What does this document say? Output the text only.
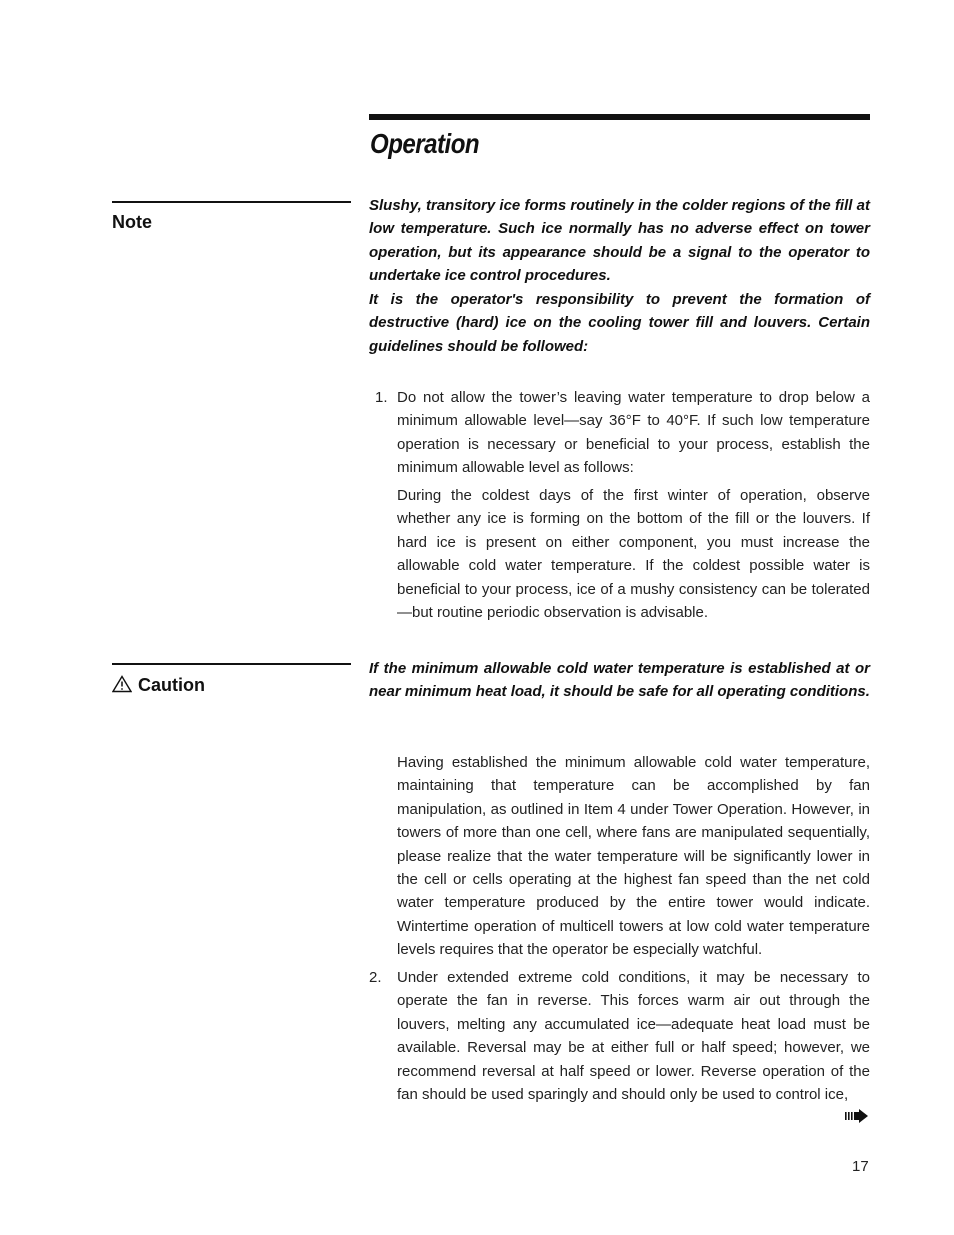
Operation
Note

Slushy, transitory ice forms routinely in the colder regions of the fill at low temperature. Such ice normally has no adverse effect on tower operation, but its appearance should be a signal to the operator to undertake ice control procedures.

It is the operator's responsibility to prevent the formation of destructive (hard) ice on the cooling tower fill and louvers. Certain guidelines should be followed:

1. Do not allow the tower’s leaving water temperature to drop below a minimum allowable level—say 36°F to 40°F. If such low temperature operation is necessary or beneficial to your process, establish the minimum allowable level as follows:

During the coldest days of the first winter of operation, observe whether any ice is forming on the bottom of the fill or the louvers. If hard ice is present on either component, you must increase the allowable cold water temperature. If the coldest possible water is beneficial to your process, ice of a mushy consistency can be tolerated—but routine periodic observation is advisable.

Caution

If the minimum allowable cold water temperature is established at or near minimum heat load, it should be safe for all operating conditions.

Having established the minimum allowable cold water temperature, maintaining that temperature can be accomplished by fan manipulation, as outlined in Item 4 under Tower Operation. However, in towers of more than one cell, where fans are manipulated sequentially, please realize that the water temperature will be significantly lower in the cell or cells operating at the highest fan speed than the net cold water temperature produced by the entire tower would indicate. Wintertime operation of multicell towers at low cold water temperature levels requires that the operator be especially watchful.

2. Under extended extreme cold conditions, it may be necessary to operate the fan in reverse. This forces warm air out through the louvers, melting any accumulated ice—adequate heat load must be available. Reversal may be at either full or half speed; however, we recommend reversal at half speed or lower. Reverse operation of the fan should be used sparingly and should only be used to control ice,

17
